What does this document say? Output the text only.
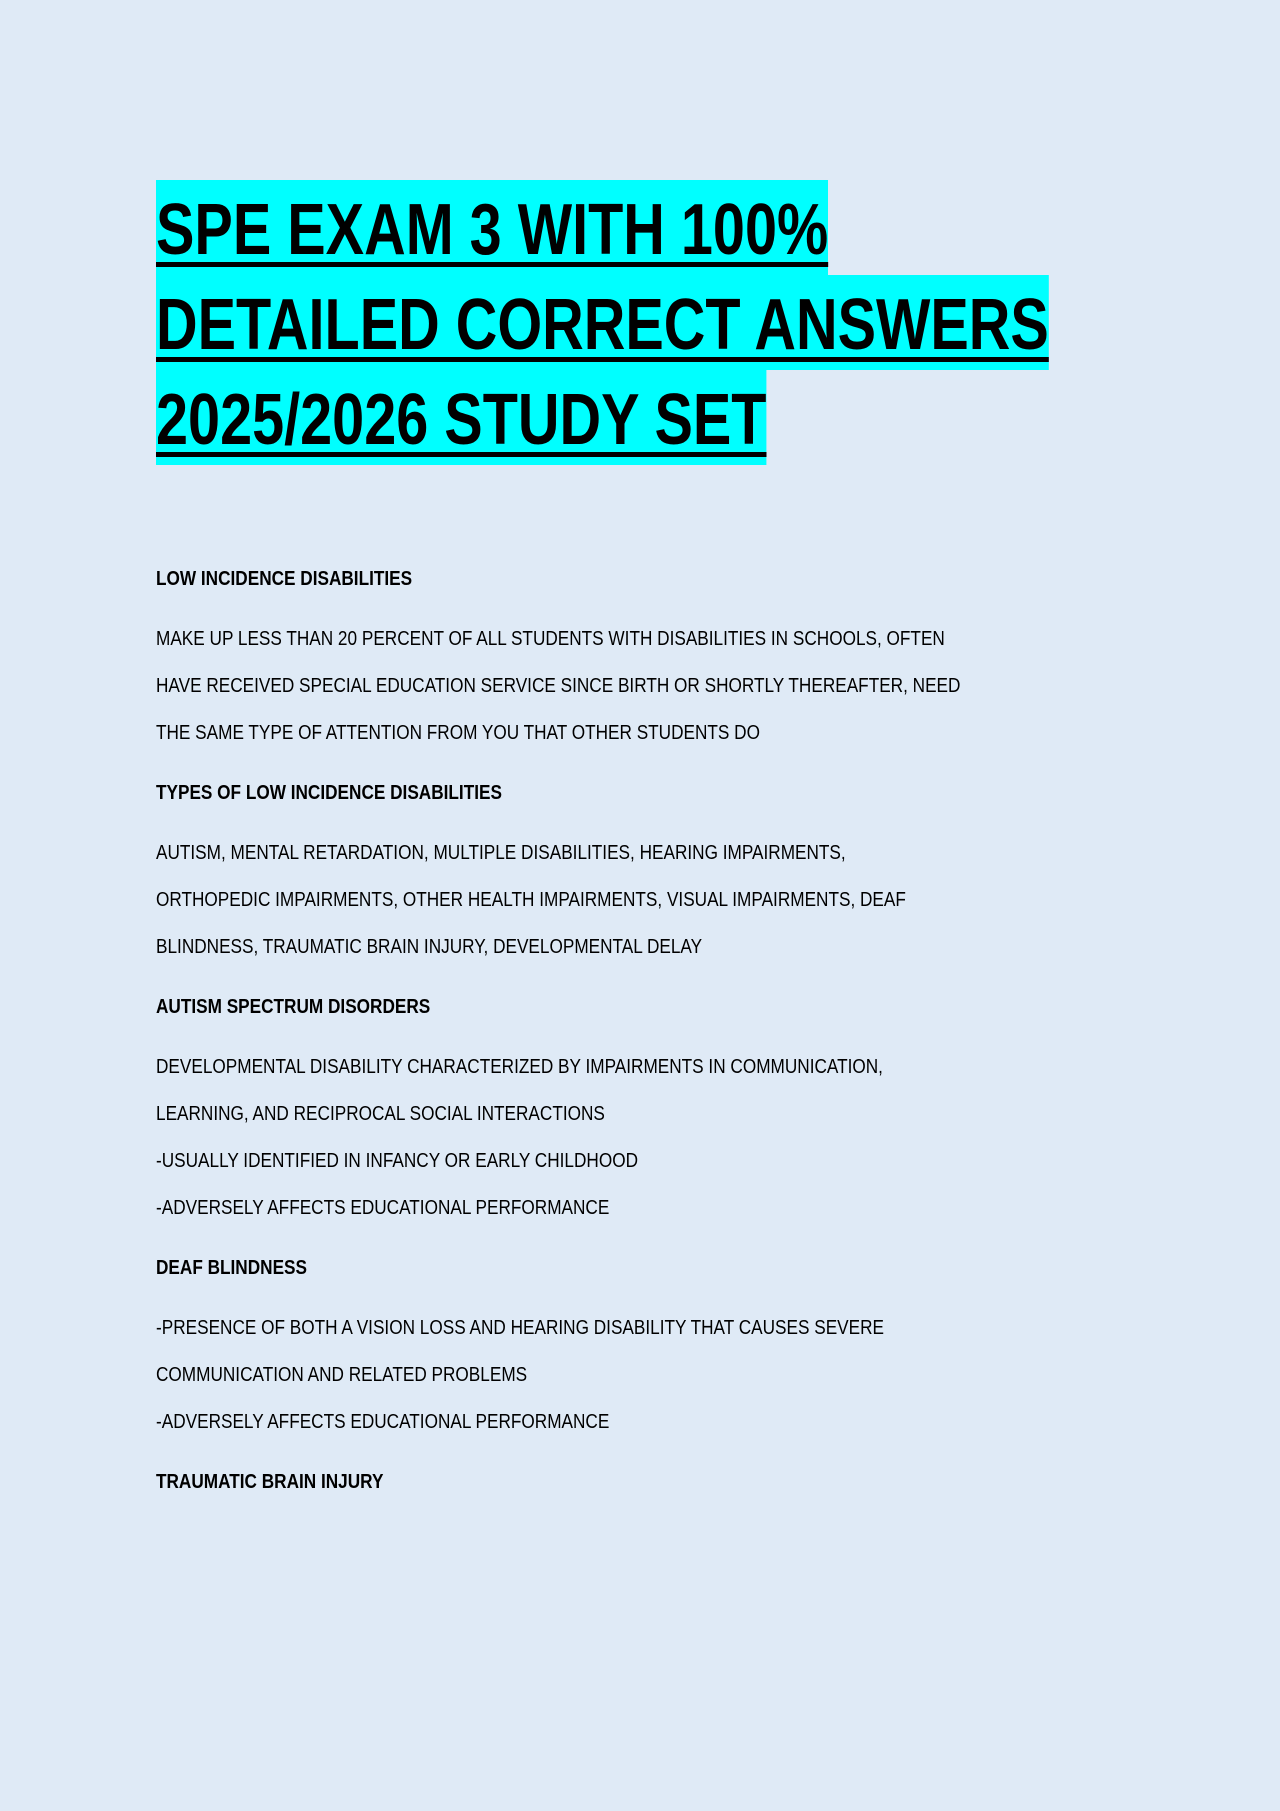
SPE EXAM 3 WITH 100%
DETAILED CORRECT ANSWERS
2025/2026 STUDY SET
LOW INCIDENCE DISABILITIES

MAKE UP LESS THAN 20 PERCENT OF ALL STUDENTS WITH DISABILITIES IN SCHOOLS, OFTEN

HAVE RECEIVED SPECIAL EDUCATION SERVICE SINCE BIRTH OR SHORTLY THEREAFTER, NEED

THE SAME TYPE OF ATTENTION FROM YOU THAT OTHER STUDENTS DO

TYPES OF LOW INCIDENCE DISABILITIES

AUTISM, MENTAL RETARDATION, MULTIPLE DISABILITIES, HEARING IMPAIRMENTS,

ORTHOPEDIC IMPAIRMENTS, OTHER HEALTH IMPAIRMENTS, VISUAL IMPAIRMENTS, DEAF

BLINDNESS, TRAUMATIC BRAIN INJURY, DEVELOPMENTAL DELAY

AUTISM SPECTRUM DISORDERS

DEVELOPMENTAL DISABILITY CHARACTERIZED BY IMPAIRMENTS IN COMMUNICATION,

LEARNING, AND RECIPROCAL SOCIAL INTERACTIONS

-USUALLY IDENTIFIED IN INFANCY OR EARLY CHILDHOOD

-ADVERSELY AFFECTS EDUCATIONAL PERFORMANCE

DEAF BLINDNESS

-PRESENCE OF BOTH A VISION LOSS AND HEARING DISABILITY THAT CAUSES SEVERE

COMMUNICATION AND RELATED PROBLEMS

-ADVERSELY AFFECTS EDUCATIONAL PERFORMANCE

TRAUMATIC BRAIN INJURY
